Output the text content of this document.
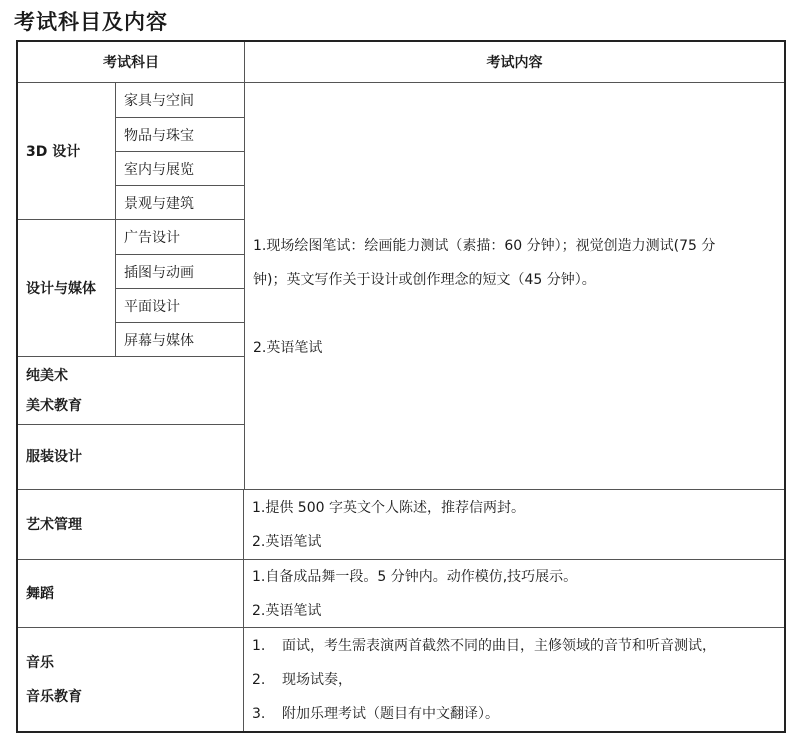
考试科目及内容
考试科目	考试内容
3D 设计
家具与空间
物品与珠宝
室内与展览
景观与建筑
设计与媒体
广告设计
插图与动画
平面设计
屏幕与媒体
纯美术
美术教育
服装设计
1.现场绘图笔试：绘画能力测试（素描：60 分钟）；视觉创造力测试(75 分
钟)；英文写作关于设计或创作理念的短文（45 分钟）。
2.英语笔试
艺术管理
1.提供 500 字英文个人陈述，推荐信两封。
2.英语笔试
舞蹈
1.自备成品舞一段。5 分钟内。动作模仿,技巧展示。
2.英语笔试
音乐
音乐教育
1. 面试，考生需表演两首截然不同的曲目，主修领域的音节和听音测试，
2. 现场试奏，
3. 附加乐理考试（题目有中文翻译）。
